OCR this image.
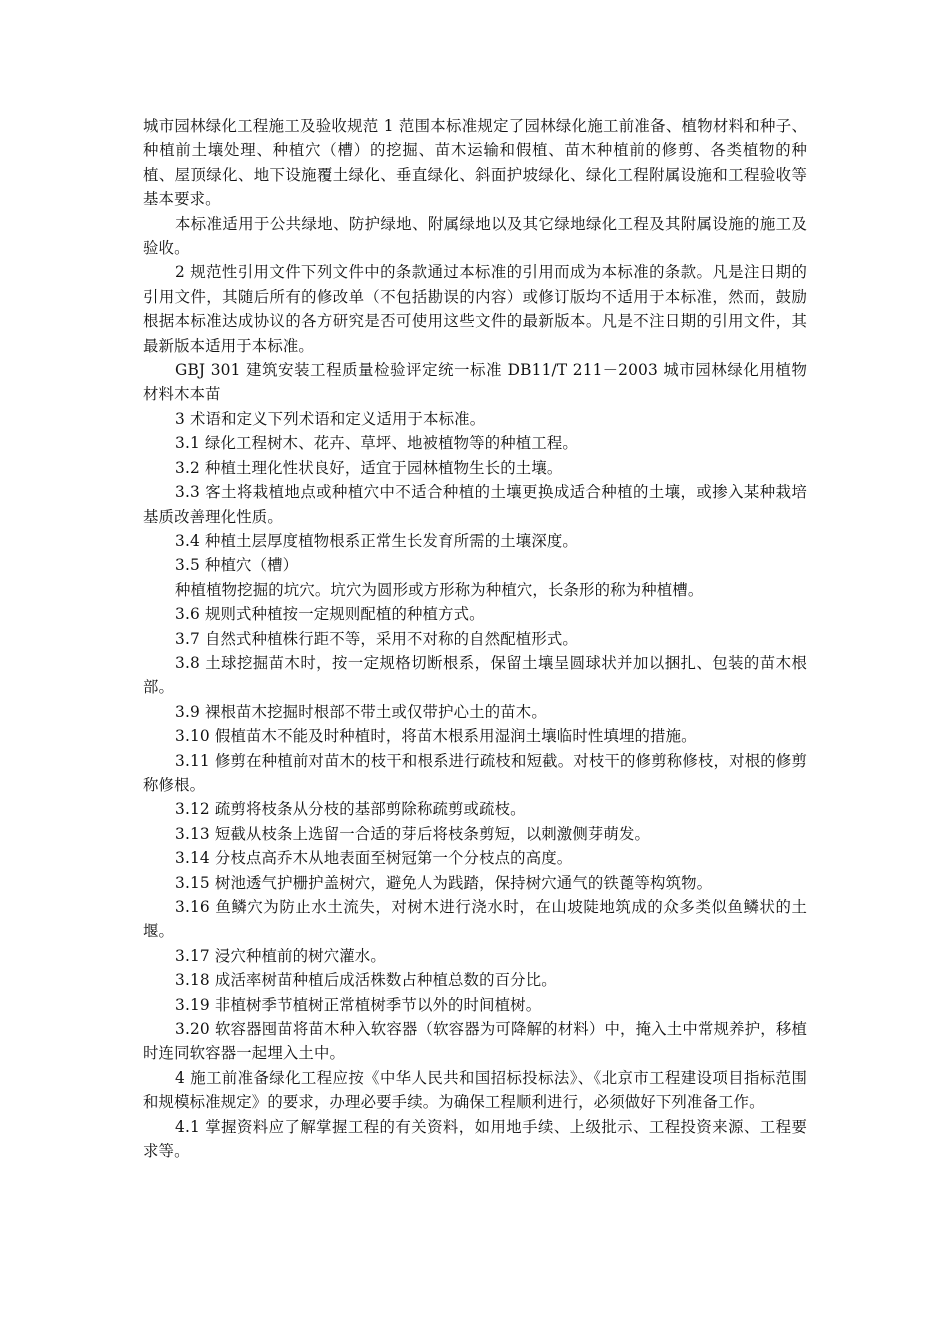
城市园林绿化工程施工及验收规范 1 范围本标准规定了园林绿化施工前准备、植物材料和种子、种植前土壤处理、种植穴（槽）的挖掘、苗木运输和假植、苗木种植前的修剪、各类植物的种植、屋顶绿化、地下设施覆土绿化、垂直绿化、斜面护坡绿化、绿化工程附属设施和工程验收等基本要求。

本标准适用于公共绿地、防护绿地、附属绿地以及其它绿地绿化工程及其附属设施的施工及验收。

2 规范性引用文件下列文件中的条款通过本标准的引用而成为本标准的条款。凡是注日期的引用文件，其随后所有的修改单（不包括勘误的内容）或修订版均不适用于本标准，然而，鼓励根据本标准达成协议的各方研究是否可使用这些文件的最新版本。凡是不注日期的引用文件，其最新版本适用于本标准。

GBJ 301 建筑安装工程质量检验评定统一标准 DB11/T 211－2003 城市园林绿化用植物材料木本苗

3 术语和定义下列术语和定义适用于本标准。

3.1 绿化工程树木、花卉、草坪、地被植物等的种植工程。

3.2 种植土理化性状良好，适宜于园林植物生长的土壤。

3.3 客土将栽植地点或种植穴中不适合种植的土壤更换成适合种植的土壤，或掺入某种栽培基质改善理化性质。

3.4 种植土层厚度植物根系正常生长发育所需的土壤深度。

3.5 种植穴（槽）

种植植物挖掘的坑穴。坑穴为圆形或方形称为种植穴，长条形的称为种植槽。

3.6 规则式种植按一定规则配植的种植方式。

3.7 自然式种植株行距不等，采用不对称的自然配植形式。

3.8 土球挖掘苗木时，按一定规格切断根系，保留土壤呈圆球状并加以捆扎、包装的苗木根部。

3.9 裸根苗木挖掘时根部不带土或仅带护心土的苗木。

3.10 假植苗木不能及时种植时，将苗木根系用湿润土壤临时性填埋的措施。

3.11 修剪在种植前对苗木的枝干和根系进行疏枝和短截。对枝干的修剪称修枝，对根的修剪称修根。

3.12 疏剪将枝条从分枝的基部剪除称疏剪或疏枝。

3.13 短截从枝条上选留一合适的芽后将枝条剪短，以刺激侧芽萌发。

3.14 分枝点高乔木从地表面至树冠第一个分枝点的高度。

3.15 树池透气护栅护盖树穴，避免人为践踏，保持树穴通气的铁蓖等构筑物。

3.16 鱼鳞穴为防止水土流失，对树木进行浇水时，在山坡陡地筑成的众多类似鱼鳞状的土堰。

3.17 浸穴种植前的树穴灌水。

3.18 成活率树苗种植后成活株数占种植总数的百分比。

3.19 非植树季节植树正常植树季节以外的时间植树。

3.20 软容器囤苗将苗木种入软容器（软容器为可降解的材料）中，掩入土中常规养护，移植时连同软容器一起埋入土中。

4 施工前准备绿化工程应按《中华人民共和国招标投标法》、《北京市工程建设项目指标范围和规模标准规定》的要求，办理必要手续。为确保工程顺利进行，必须做好下列准备工作。

4.1 掌握资料应了解掌握工程的有关资料，如用地手续、上级批示、工程投资来源、工程要求等。
